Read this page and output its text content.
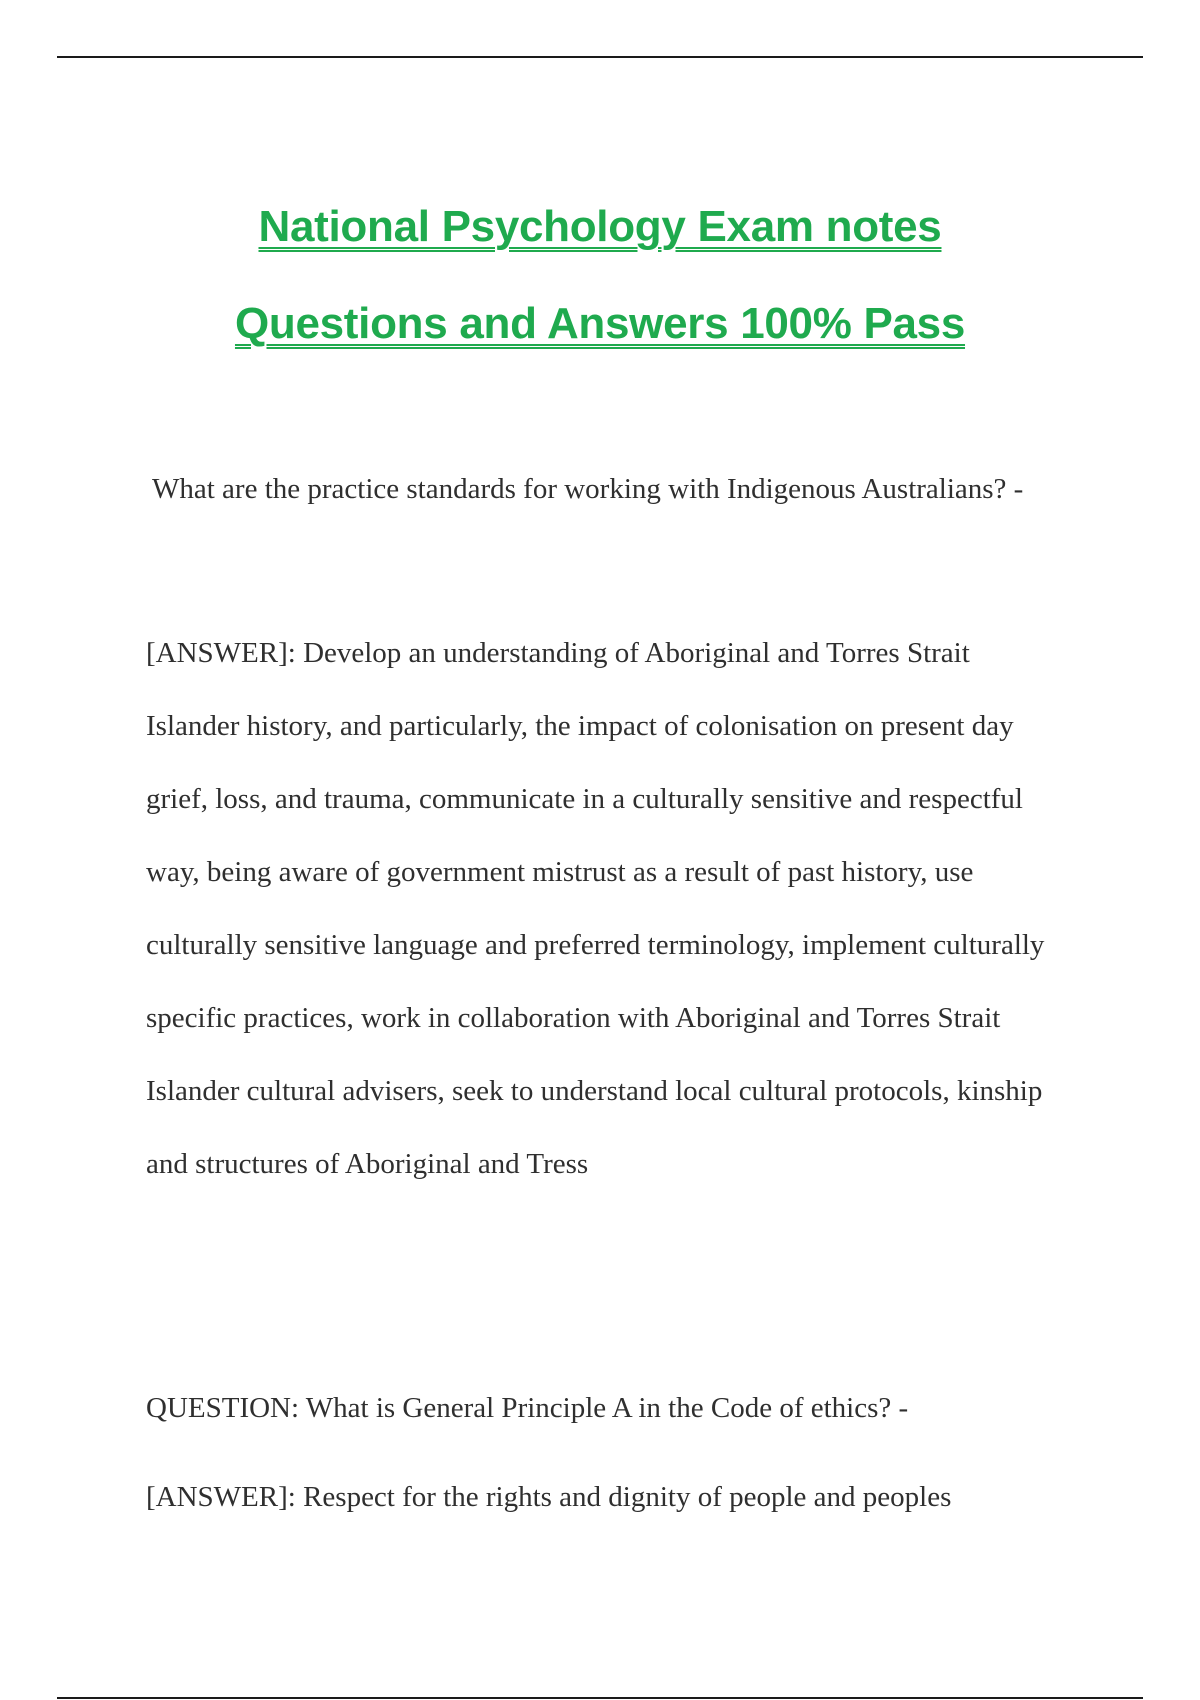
National Psychology Exam notes
Questions and Answers 100% Pass

What are the practice standards for working with Indigenous Australians? -

[ANSWER]: Develop an understanding of Aboriginal and Torres Strait Islander history, and particularly, the impact of colonisation on present day grief, loss, and trauma, communicate in a culturally sensitive and respectful way, being aware of government mistrust as a result of past history, use culturally sensitive language and preferred terminology, implement culturally specific practices, work in collaboration with Aboriginal and Torres Strait Islander cultural advisers, seek to understand local cultural protocols, kinship and structures of Aboriginal and Tress

QUESTION: What is General Principle A in the Code of ethics? -

[ANSWER]: Respect for the rights and dignity of people and peoples
